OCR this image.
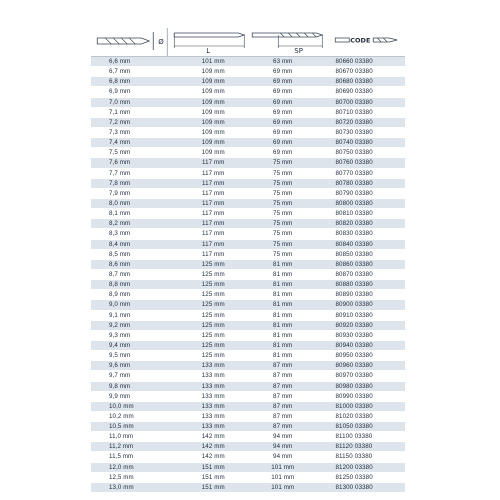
Ø
L	SP
CODE
6,6 mm	101 mm	63 mm	80660 03380
6,7 mm	109 mm	69 mm	80670 03380
6,8 mm	109 mm	69 mm	80680 03380
6,9 mm	109 mm	69 mm	80690 03380
7,0 mm	109 mm	69 mm	80700 03380
7,1 mm	109 mm	69 mm	80710 03380
7,2 mm	109 mm	69 mm	80720 03380
7,3 mm	109 mm	69 mm	80730 03380
7,4 mm	109 mm	69 mm	80740 03380
7,5 mm	109 mm	69 mm	80750 03380
7,6 mm	117 mm	75 mm	80760 03380
7,7 mm	117 mm	75 mm	80770 03380
7,8 mm	117 mm	75 mm	80780 03380
7,9 mm	117 mm	75 mm	80790 03380
8,0 mm	117 mm	75 mm	80800 03380
8,1 mm	117 mm	75 mm	80810 03380
8,2 mm	117 mm	75 mm	80820 03380
8,3 mm	117 mm	75 mm	80830 03380
8,4 mm	117 mm	75 mm	80840 03380
8,5 mm	117 mm	75 mm	80850 03380
8,6 mm	125 mm	81 mm	80860 03380
8,7 mm	125 mm	81 mm	80870 03380
8,8 mm	125 mm	81 mm	80880 03380
8,9 mm	125 mm	81 mm	80890 03380
9,0 mm	125 mm	81 mm	80900 03380
9,1 mm	125 mm	81 mm	80910 03380
9,2 mm	125 mm	81 mm	80920 03380
9,3 mm	125 mm	81 mm	80930 03380
9,4 mm	125 mm	81 mm	80940 03380
9,5 mm	125 mm	81 mm	80950 03380
9,6 mm	133 mm	87 mm	80960 03380
9,7 mm	133 mm	87 mm	80970 03380
9,8 mm	133 mm	87 mm	80980 03380
9,9 mm	133 mm	87 mm	80990 03380
10,0 mm	133 mm	87 mm	81000 03380
10,2 mm	133 mm	87 mm	81020 03380
10,5 mm	133 mm	87 mm	81050 03380
11,0 mm	142 mm	94 mm	81100 03380
11,2 mm	142 mm	94 mm	81120 03380
11,5 mm	142 mm	94 mm	81150 03380
12,0 mm	151 mm	101 mm	81200 03380
12,5 mm	151 mm	101 mm	81250 03380
13,0 mm	151 mm	101 mm	81300 03380
